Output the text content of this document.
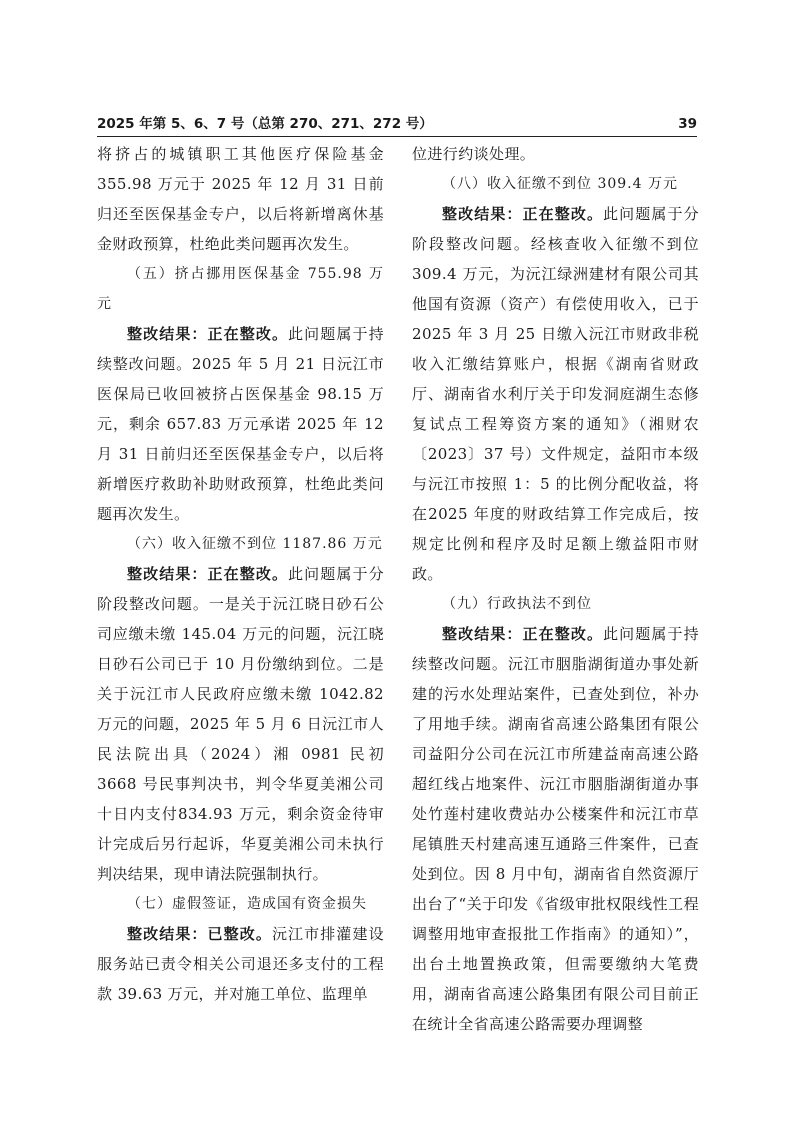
2025 年第 5、6、7 号（总第 270、271、272 号）	39

将挤占的城镇职工其他医疗保险基金355.98 万元于 2025 年 12 月 31 日前归还至医保基金专户，以后将新增离休基金财政预算，杜绝此类问题再次发生。

（五）挤占挪用医保基金 755.98 万元

整改结果：正在整改。此问题属于持续整改问题。2025 年 5 月 21 日沅江市医保局已收回被挤占医保基金 98.15 万元，剩余 657.83 万元承诺 2025 年 12 月 31 日前归还至医保基金专户，以后将新增医疗救助补助财政预算，杜绝此类问题再次发生。

（六）收入征缴不到位 1187.86 万元

整改结果：正在整改。此问题属于分阶段整改问题。一是关于沅江晓日砂石公司应缴未缴 145.04 万元的问题，沅江晓日砂石公司已于 10 月份缴纳到位。二是关于沅江市人民政府应缴未缴 1042.82 万元的问题，2025 年 5 月 6 日沅江市人民法院出具（2024）湘 0981 民初 3668 号民事判决书，判令华夏美湘公司十日内支付834.93 万元，剩余资金待审计完成后另行起诉，华夏美湘公司未执行判决结果，现申请法院强制执行。

（七）虚假签证，造成国有资金损失

整改结果：已整改。沅江市排灌建设服务站已责令相关公司退还多支付的工程款 39.63 万元，并对施工单位、监理单

位进行约谈处理。

（八）收入征缴不到位 309.4 万元

整改结果：正在整改。此问题属于分阶段整改问题。经核查收入征缴不到位309.4 万元，为沅江绿洲建材有限公司其他国有资源（资产）有偿使用收入，已于2025 年 3 月 25 日缴入沅江市财政非税收入汇缴结算账户，根据《湖南省财政厅、湖南省水利厅关于印发洞庭湖生态修复试点工程筹资方案的通知》（湘财农〔2023〕37 号）文件规定，益阳市本级与沅江市按照 1：5 的比例分配收益，将在2025 年度的财政结算工作完成后，按规定比例和程序及时足额上缴益阳市财政。

（九）行政执法不到位

整改结果：正在整改。此问题属于持续整改问题。沅江市胭脂湖街道办事处新建的污水处理站案件，已查处到位，补办了用地手续。湖南省高速公路集团有限公司益阳分公司在沅江市所建益南高速公路超红线占地案件、沅江市胭脂湖街道办事处竹莲村建收费站办公楼案件和沅江市草尾镇胜天村建高速互通路三件案件，已查处到位。因 8 月中旬，湖南省自然资源厅出台了“关于印发《省级审批权限线性工程调整用地审查报批工作指南》的通知）”，出台土地置换政策，但需要缴纳大笔费用，湖南省高速公路集团有限公司目前正在统计全省高速公路需要办理调整
